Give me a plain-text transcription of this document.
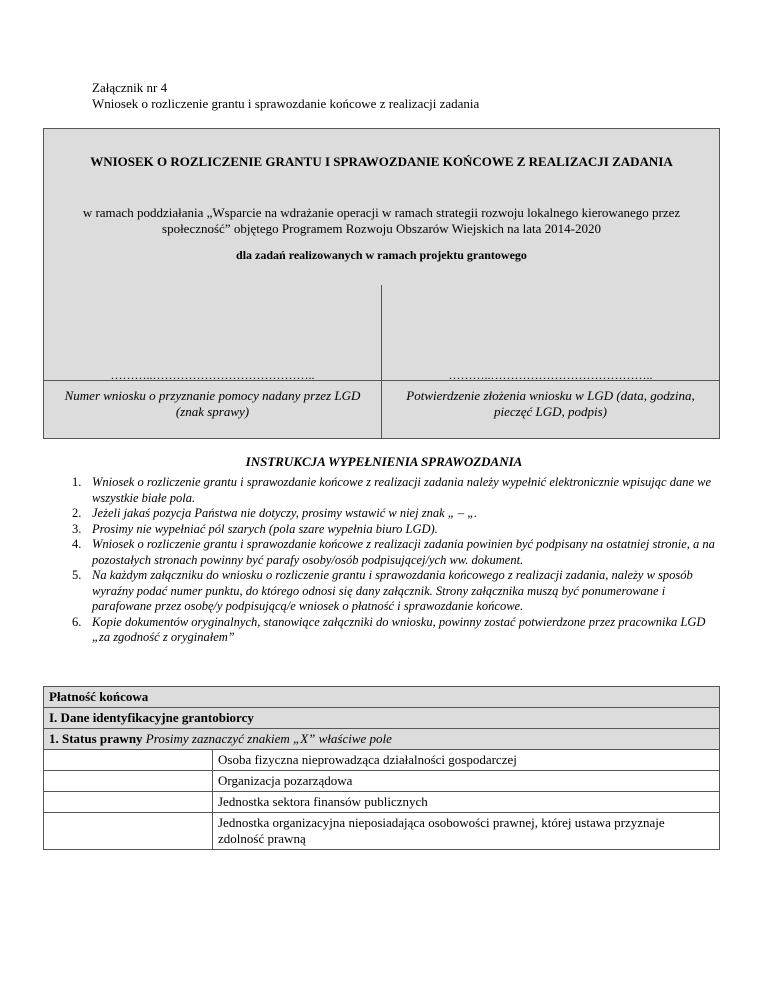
Załącznik nr 4
Wniosek o rozliczenie grantu i sprawozdanie końcowe z realizacji zadania
WNIOSEK O ROZLICZENIE GRANTU I SPRAWOZDANIE KOŃCOWE Z REALIZACJI ZADANIA
w ramach poddziałania „Wsparcie na wdrażanie operacji w ramach strategii rozwoju lokalnego kierowanego przez społeczność” objętego Programem Rozwoju Obszarów Wiejskich na lata 2014-2020
dla zadań realizowanych w ramach projektu grantowego
………..…………………………………..
Numer wniosku o przyznanie pomocy nadany przez LGD (znak sprawy)
………..…………………………………..
Potwierdzenie złożenia wniosku w LGD (data, godzina, pieczęć LGD, podpis)
INSTRUKCJA WYPEŁNIENIA SPRAWOZDANIA
1. Wniosek o rozliczenie grantu i sprawozdanie końcowe z realizacji zadania należy wypełnić elektronicznie wpisując dane we wszystkie białe pola.
2. Jeżeli jakaś pozycja Państwa nie dotyczy, prosimy wstawić w niej znak „ – „.
3. Prosimy nie wypełniać pól szarych (pola szare wypełnia biuro LGD).
4. Wniosek o rozliczenie grantu i sprawozdanie końcowe z realizacji zadania powinien być podpisany na ostatniej stronie, a na pozostałych stronach powinny być parafy osoby/osób podpisującej/ych ww. dokument.
5. Na każdym załączniku do wniosku o rozliczenie grantu i sprawozdania końcowego z realizacji zadania, należy w sposób wyraźny podać numer punktu, do którego odnosi się dany załącznik. Strony załącznika muszą być ponumerowane i parafowane przez osobę/y podpisującą/e wniosek o płatność i sprawozdanie końcowe.
6. Kopie dokumentów oryginalnych, stanowiące załączniki do wniosku, powinny zostać potwierdzone przez pracownika LGD „za zgodność z oryginałem”
Płatność końcowa	
I. Dane identyfikacyjne grantobiorcy	
1. Status prawny Prosimy zaznaczyć znakiem „X” właściwe pole	
	Osoba fizyczna nieprowadząca działalności gospodarczej
	Organizacja pozarządowa
	Jednostka sektora finansów publicznych
	Jednostka organizacyjna nieposiadająca osobowości prawnej, której ustawa przyznaje zdolność prawną
